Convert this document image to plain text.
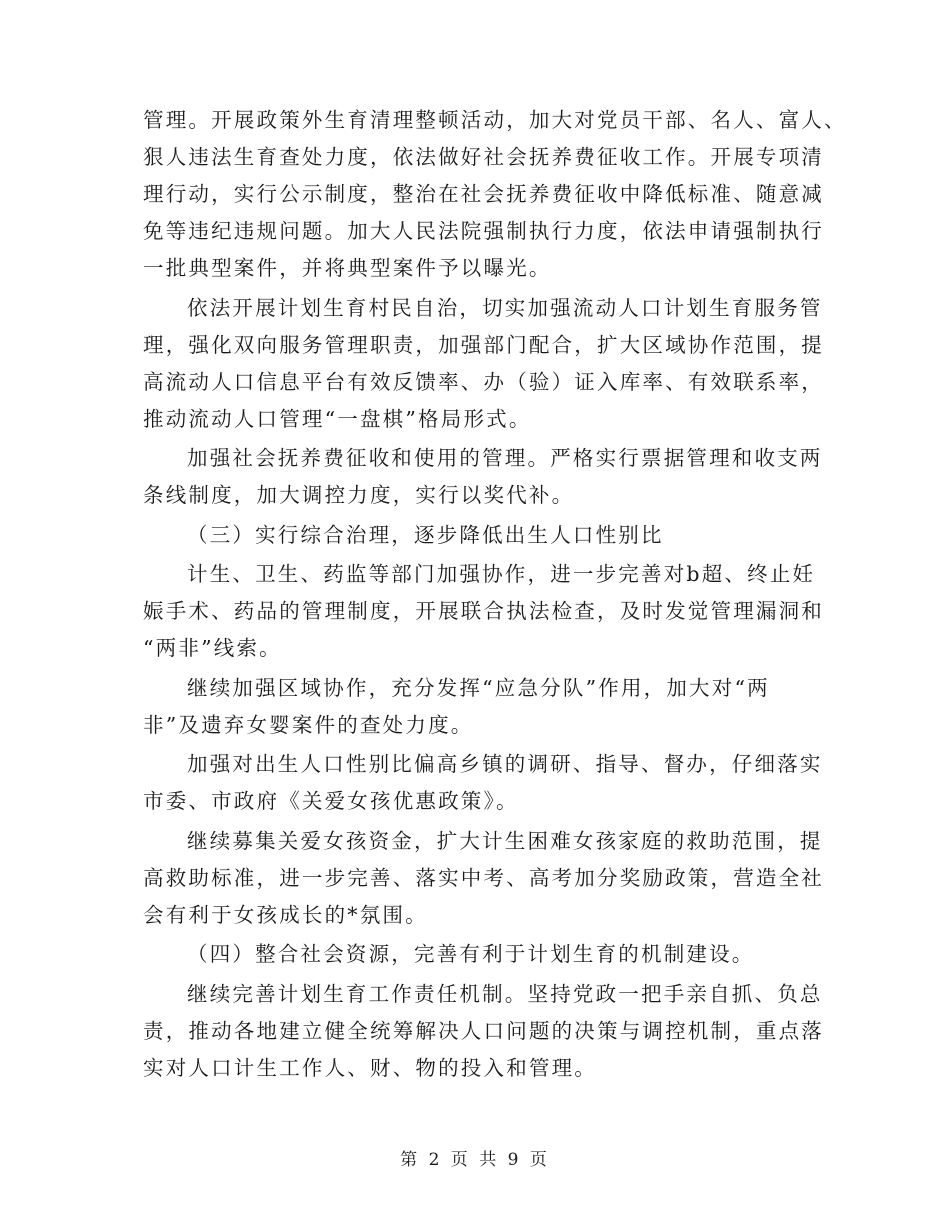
管理。开展政策外生育清理整顿活动，加大对党员干部、名人、富人、
狠人违法生育查处力度，依法做好社会抚养费征收工作。开展专项清
理行动，实行公示制度，整治在社会抚养费征收中降低标准、随意减
免等违纪违规问题。加大人民法院强制执行力度，依法申请强制执行
一批典型案件，并将典型案件予以曝光。
依法开展计划生育村民自治，切实加强流动人口计划生育服务管
理，强化双向服务管理职责，加强部门配合，扩大区域协作范围，提
高流动人口信息平台有效反馈率、办（验）证入库率、有效联系率，
推动流动人口管理“一盘棋”格局形式。
加强社会抚养费征收和使用的管理。严格实行票据管理和收支两
条线制度，加大调控力度，实行以奖代补。
（三）实行综合治理，逐步降低出生人口性别比
计生、卫生、药监等部门加强协作，进一步完善对b超、终止妊
娠手术、药品的管理制度，开展联合执法检查，及时发觉管理漏洞和
“两非”线索。
继续加强区域协作，充分发挥“应急分队”作用，加大对“两
非”及遗弃女婴案件的查处力度。
加强对出生人口性别比偏高乡镇的调研、指导、督办，仔细落实
市委、市政府《关爱女孩优惠政策》。
继续募集关爱女孩资金，扩大计生困难女孩家庭的救助范围，提
高救助标准，进一步完善、落实中考、高考加分奖励政策，营造全社
会有利于女孩成长的*氛围。
（四）整合社会资源，完善有利于计划生育的机制建设。
继续完善计划生育工作责任机制。坚持党政一把手亲自抓、负总
责，推动各地建立健全统筹解决人口问题的决策与调控机制，重点落
实对人口计生工作人、财、物的投入和管理。
第 2 页 共 9 页
